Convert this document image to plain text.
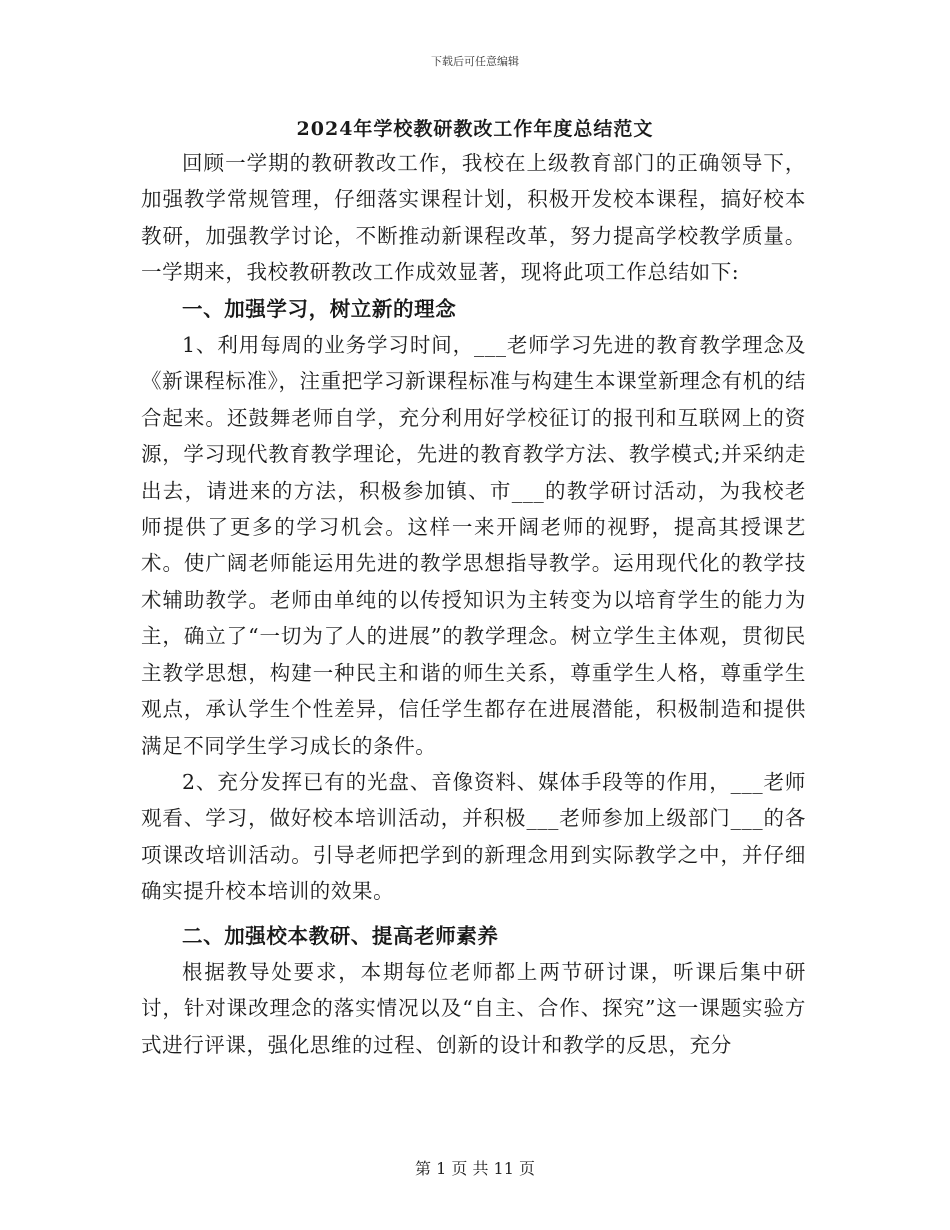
下载后可任意编辑
2024年学校教研教改工作年度总结范文

回顾一学期的教研教改工作，我校在上级教育部门的正确领导下，加强教学常规管理，仔细落实课程计划，积极开发校本课程，搞好校本教研，加强教学讨论，不断推动新课程改革，努力提高学校教学质量。一学期来，我校教研教改工作成效显著，现将此项工作总结如下:

一、加强学习，树立新的理念

1、利用每周的业务学习时间，___老师学习先进的教育教学理念及《新课程标准》，注重把学习新课程标准与构建生本课堂新理念有机的结合起来。还鼓舞老师自学，充分利用好学校征订的报刊和互联网上的资源，学习现代教育教学理论，先进的教育教学方法、教学模式;并采纳走出去，请进来的方法，积极参加镇、市___的教学研讨活动，为我校老师提供了更多的学习机会。这样一来开阔老师的视野，提高其授课艺术。使广阔老师能运用先进的教学思想指导教学。运用现代化的教学技术辅助教学。老师由单纯的以传授知识为主转变为以培育学生的能力为主，确立了“一切为了人的进展”的教学理念。树立学生主体观，贯彻民主教学思想，构建一种民主和谐的师生关系，尊重学生人格，尊重学生观点，承认学生个性差异，信任学生都存在进展潜能，积极制造和提供满足不同学生学习成长的条件。

2、充分发挥已有的光盘、音像资料、媒体手段等的作用，___老师观看、学习，做好校本培训活动，并积极___老师参加上级部门___的各项课改培训活动。引导老师把学到的新理念用到实际教学之中，并仔细确实提升校本培训的效果。

二、加强校本教研、提高老师素养

根据教导处要求，本期每位老师都上两节研讨课，听课后集中研讨，针对课改理念的落实情况以及“自主、合作、探究”这一课题实验方式进行评课，强化思维的过程、创新的设计和教学的反思，充分

第 1 页 共 11 页
